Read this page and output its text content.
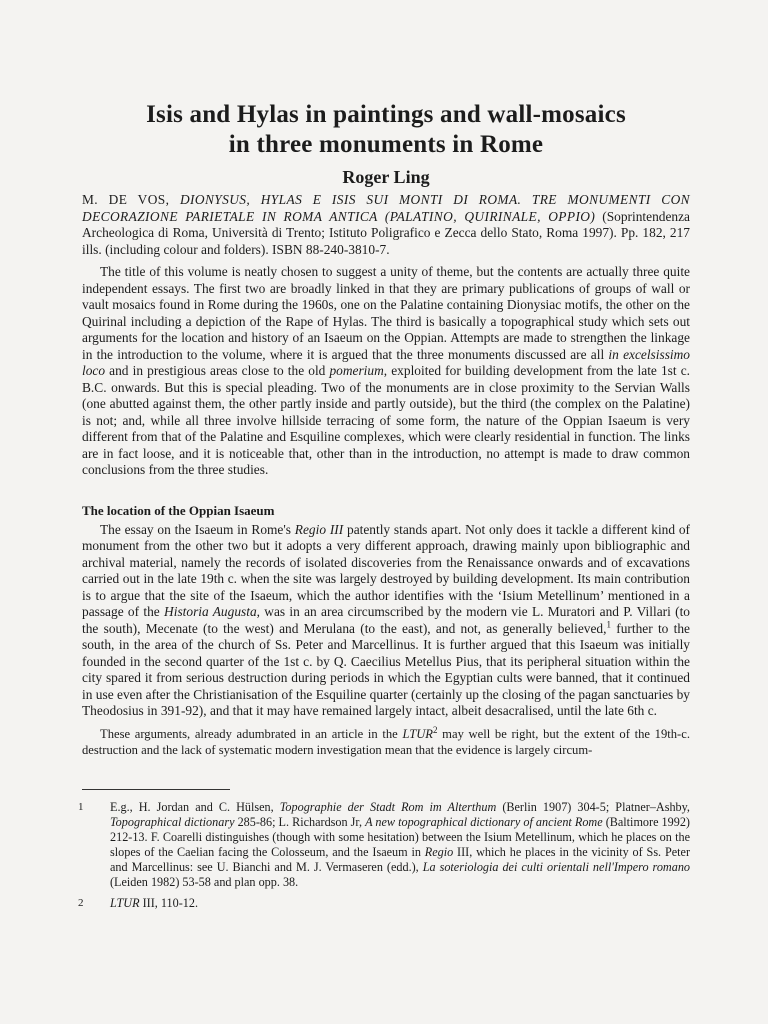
Isis and Hylas in paintings and wall-mosaics
in three monuments in Rome
Roger Ling

M. DE VOS, DIONYSUS, HYLAS E ISIS SUI MONTI DI ROMA. TRE MONUMENTI CON DECORAZIONE PARIETALE IN ROMA ANTICA (PALATINO, QUIRINALE, OPPIO) (Soprintendenza Archeologica di Roma, Università di Trento; Istituto Poligrafico e Zecca dello Stato, Roma 1997). Pp. 182, 217 ills. (including colour and folders). ISBN 88-240-3810-7.

The title of this volume is neatly chosen to suggest a unity of theme, but the contents are actually three quite independent essays. The first two are broadly linked in that they are primary publications of groups of wall or vault mosaics found in Rome during the 1960s, one on the Palatine containing Dionysiac motifs, the other on the Quirinal including a depiction of the Rape of Hylas. The third is basically a topographical study which sets out arguments for the location and history of an Isaeum on the Oppian. Attempts are made to strengthen the linkage in the introduction to the volume, where it is argued that the three monuments discussed are all in excelsissimo loco and in prestigious areas close to the old pomerium, exploited for building development from the late 1st c. B.C. onwards. But this is special pleading. Two of the monuments are in close proximity to the Servian Walls (one abutted against them, the other partly inside and partly outside), but the third (the complex on the Palatine) is not; and, while all three involve hillside terracing of some form, the nature of the Oppian Isaeum is very different from that of the Palatine and Esquiline complexes, which were clearly residential in function. The links are in fact loose, and it is noticeable that, other than in the introduction, no attempt is made to draw common conclusions from the three studies.

The location of the Oppian Isaeum

The essay on the Isaeum in Rome's Regio III patently stands apart. Not only does it tackle a different kind of monument from the other two but it adopts a very different approach, drawing mainly upon bibliographic and archival material, namely the records of isolated discoveries from the Renaissance onwards and of excavations carried out in the late 19th c. when the site was largely destroyed by building development. Its main contribution is to argue that the site of the Isaeum, which the author identifies with the ‘Isium Metellinum’ mentioned in a passage of the Historia Augusta, was in an area circumscribed by the modern vie L. Muratori and P. Villari (to the south), Mecenate (to the west) and Merulana (to the east), and not, as generally believed,$^1$ further to the south, in the area of the church of Ss. Peter and Marcellinus. It is further argued that this Isaeum was initially founded in the second quarter of the 1st c. by Q. Caecilius Metellus Pius, that its peripheral situation within the city spared it from serious destruction during periods in which the Egyptian cults were banned, that it continued in use even after the Christianisation of the Esquiline quarter (certainly up the closing of the pagan sanctuaries by Theodosius in 391-92), and that it may have remained largely intact, albeit desacralised, until the late 6th c.

These arguments, already adumbrated in an article in the LTUR$^2$ may well be right, but the extent of the 19th-c. destruction and the lack of systematic modern investigation mean that the evidence is largely circum-

1 E.g., H. Jordan and C. Hülsen, Topographie der Stadt Rom im Alterthum (Berlin 1907) 304-5; Platner–Ashby, Topographical dictionary 285-86; L. Richardson Jr, A new topographical dictionary of ancient Rome (Baltimore 1992) 212-13. F. Coarelli distinguishes (though with some hesitation) between the Isium Metellinum, which he places on the slopes of the Caelian facing the Colosseum, and the Isaeum in Regio III, which he places in the vicinity of Ss. Peter and Marcellinus: see U. Bianchi and M. J. Vermaseren (edd.), La soteriologia dei culti orientali nell'Impero romano (Leiden 1982) 53-58 and plan opp. 38.

2 LTUR III, 110-12.
